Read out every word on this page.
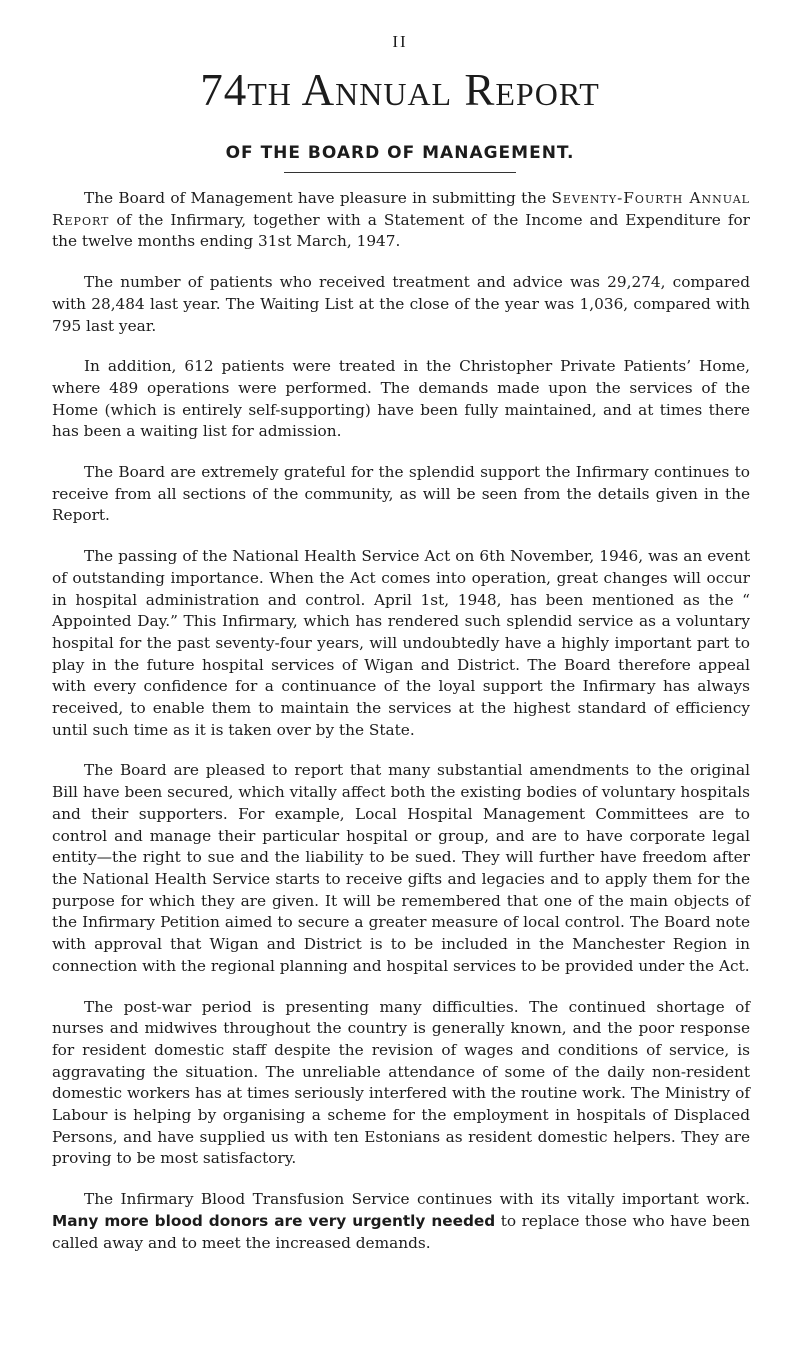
II
74th Annual Report
OF THE BOARD OF MANAGEMENT.

The Board of Management have pleasure in submitting the Seventy-Fourth Annual Report of the Infirmary, together with a Statement of the Income and Expenditure for the twelve months ending 31st March, 1947.

The number of patients who received treatment and advice was 29,274, compared with 28,484 last year. The Waiting List at the close of the year was 1,036, compared with 795 last year.

In addition, 612 patients were treated in the Christopher Private Patients’ Home, where 489 operations were performed. The demands made upon the services of the Home (which is entirely self-supporting) have been fully maintained, and at times there has been a waiting list for admission.

The Board are extremely grateful for the splendid support the Infirmary continues to receive from all sections of the community, as will be seen from the details given in the Report.

The passing of the National Health Service Act on 6th November, 1946, was an event of outstanding importance. When the Act comes into operation, great changes will occur in hospital administration and control. April 1st, 1948, has been mentioned as the “ Appointed Day.” This Infirmary, which has rendered such splendid service as a voluntary hospital for the past seventy-four years, will undoubtedly have a highly important part to play in the future hospital services of Wigan and District. The Board therefore appeal with every confidence for a continuance of the loyal support the Infirmary has always received, to enable them to maintain the services at the highest standard of efficiency until such time as it is taken over by the State.

The Board are pleased to report that many substantial amendments to the original Bill have been secured, which vitally affect both the existing bodies of voluntary hospitals and their supporters. For example, Local Hospital Management Committees are to control and manage their particular hospital or group, and are to have corporate legal entity—the right to sue and the liability to be sued. They will further have freedom after the National Health Service starts to receive gifts and legacies and to apply them for the purpose for which they are given. It will be remembered that one of the main objects of the Infirmary Petition aimed to secure a greater measure of local control. The Board note with approval that Wigan and District is to be included in the Manchester Region in connection with the regional planning and hospital services to be provided under the Act.

The post-war period is presenting many difficulties. The continued shortage of nurses and midwives throughout the country is generally known, and the poor response for resident domestic staff despite the revision of wages and conditions of service, is aggravating the situation. The unreliable attendance of some of the daily non-resident domestic workers has at times seriously interfered with the routine work. The Ministry of Labour is helping by organising a scheme for the employment in hospitals of Displaced Persons, and have supplied us with ten Estonians as resident domestic helpers. They are proving to be most satisfactory.

The Infirmary Blood Transfusion Service continues with its vitally important work. Many more blood donors are very urgently needed to replace those who have been called away and to meet the increased demands.
